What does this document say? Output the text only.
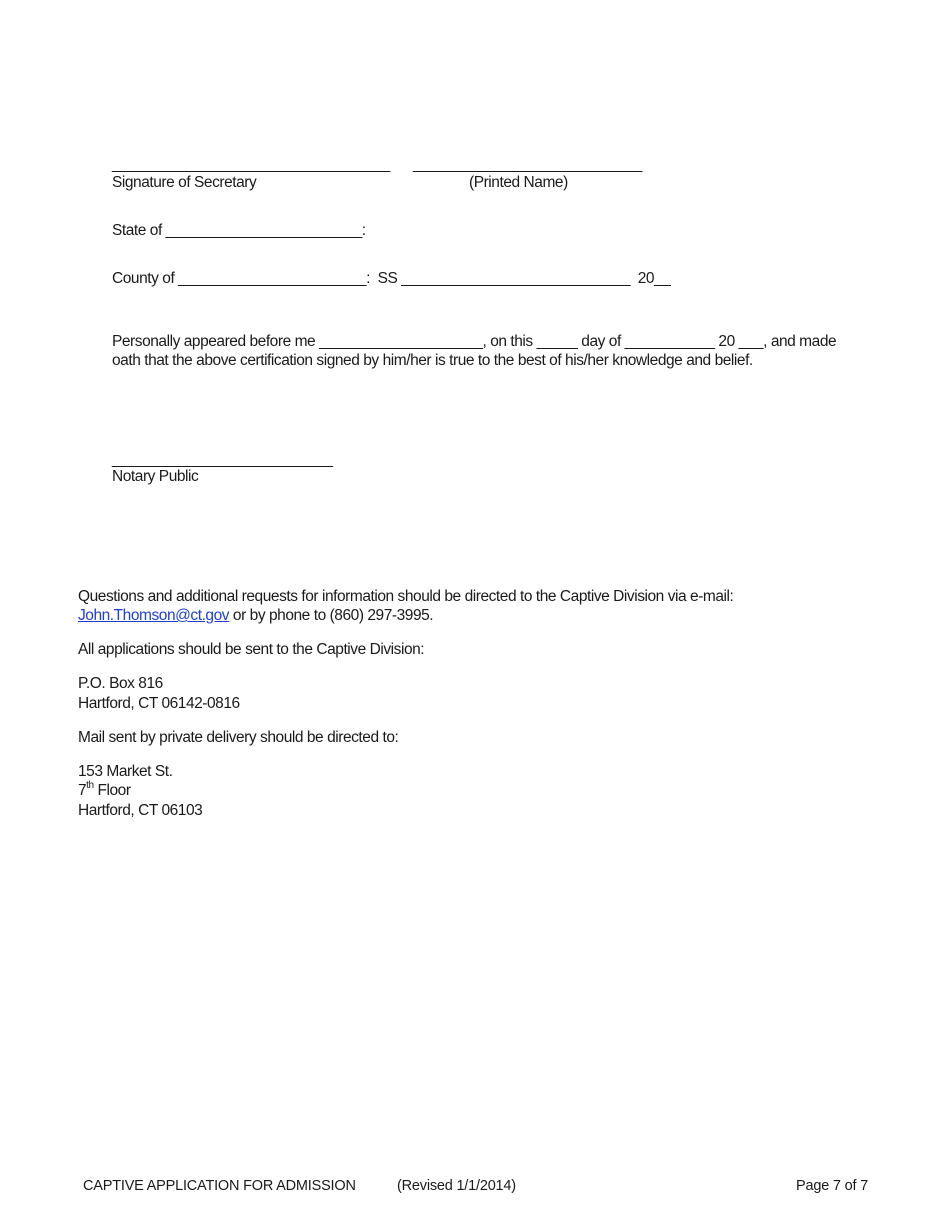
__________________________________ ____________________________
Signature of Secretary	(Printed Name)
State of ________________________:
County of _______________________:  SS ____________________________  20__
Personally appeared before me ____________________, on this _____ day of ___________ 20 ___, and made
oath that the above certification signed by him/her is true to the best of his/her knowledge and belief.
___________________________
Notary Public
Questions and additional requests for information should be directed to the Captive Division via e-mail:
John.Thomson@ct.gov or by phone to (860) 297-3995.
All applications should be sent to the Captive Division:
P.O. Box 816
Hartford, CT 06142-0816
Mail sent by private delivery should be directed to:
153 Market St.
7th Floor
Hartford, CT 06103
CAPTIVE APPLICATION FOR ADMISSION	(Revised 1/1/2014)	Page 7 of 7
